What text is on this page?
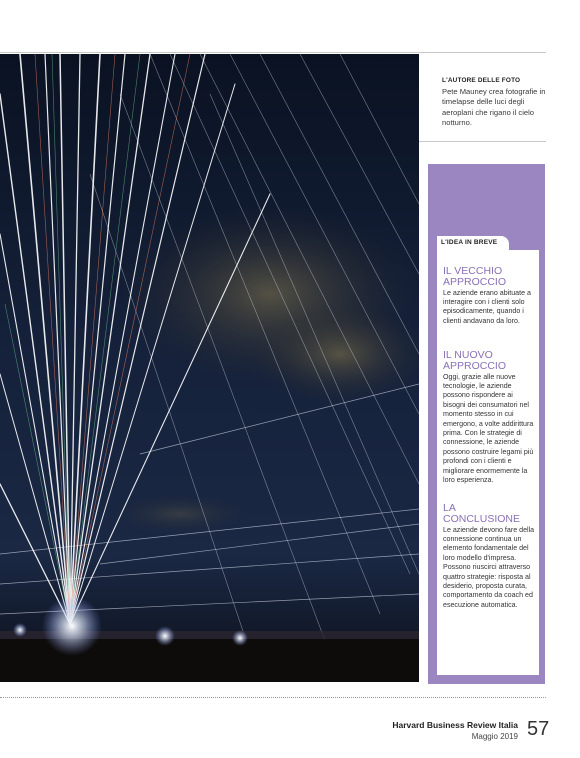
L'AUTORE DELLE FOTO
Pete Mauney crea fotografie in timelapse delle luci degli aeroplani che rigano il cielo notturno.
L'IDEA IN BREVE
IL VECCHIO APPROCCIO
Le aziende erano abituate a interagire con i clienti solo episodicamente, quando i clienti andavano da loro.
IL NUOVO APPROCCIO
Oggi, grazie alle nuove tecnologie, le aziende possono rispondere ai bisogni dei consumatori nel momento stesso in cui emergono, a volte addirittura prima. Con le strategie di connessione, le aziende possono costruire legami più profondi con i clienti e migliorare enormemente la loro esperienza.
LA CONCLUSIONE
Le aziende devono fare della connessione continua un elemento fondamentale del loro modello d'impresa. Possono riuscirci attraverso quattro strategie: risposta al desiderio, proposta curata, comportamento da coach ed esecuzione automatica.
Harvard Business Review Italia
Maggio 2019 57
